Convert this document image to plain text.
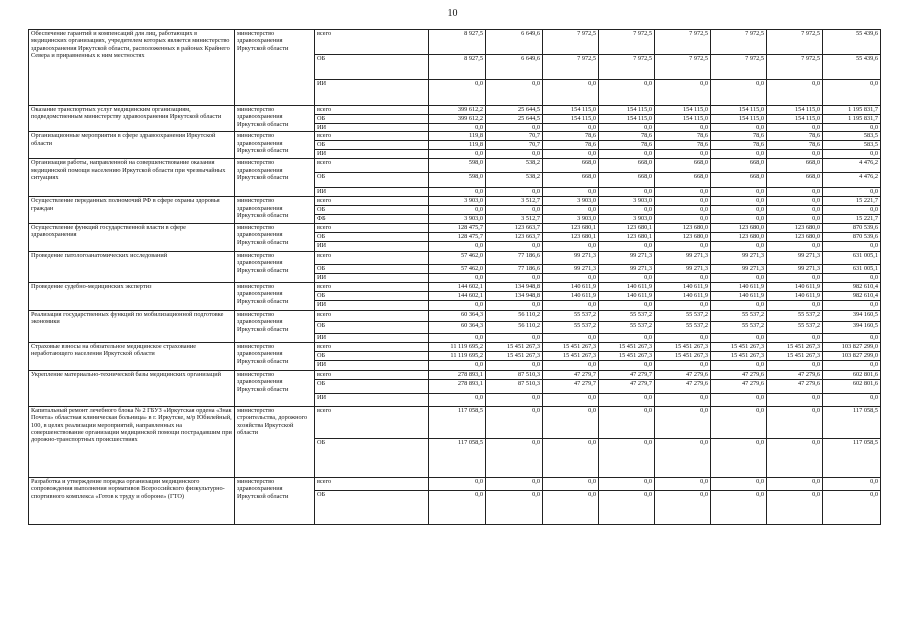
10
Обеспечение гарантий и компенсаций для лиц, работающих в медицинских организациях, учредителем которых является министерство здравоохранения Иркутской области, расположенных в районах Крайнего Севера и приравненных к ним местностях	министерство здравоохранения Иркутской области	всего	8 927,5	6 649,6	7 972,5	7 972,5	7 972,5	7 972,5	7 972,5	55 439,6
		ОБ	8 927,5	6 649,6	7 972,5	7 972,5	7 972,5	7 972,5	7 972,5	55 439,6
		ИИ	0,0	0,0	0,0	0,0	0,0	0,0	0,0	0,0
Оказание транспортных услуг медицинским организациям, подведомственным министерству здравоохранения Иркутской области	министерство здравоохранения Иркутской области	всего	399 612,2	25 644,5	154 115,0	154 115,0	154 115,0	154 115,0	154 115,0	1 195 831,7
		ОБ	399 612,2	25 644,5	154 115,0	154 115,0	154 115,0	154 115,0	154 115,0	1 195 831,7
		ИИ	0,0	0,0	0,0	0,0	0,0	0,0	0,0	0,0
Организационные мероприятия в сфере здравоохранения Иркутской области	министерство здравоохранения Иркутской области	всего	119,8	70,7	78,6	78,6	78,6	78,6	78,6	583,5
		ОБ	119,8	70,7	78,6	78,6	78,6	78,6	78,6	583,5
		ИИ	0,0	0,0	0,0	0,0	0,0	0,0	0,0	0,0
Организация работы, направленной на совершенствование оказания медицинской помощи населению Иркутской области при чрезвычайных ситуациях	министерство здравоохранения Иркутской области	всего	598,0	538,2	668,0	668,0	668,0	668,0	668,0	4 476,2
		ОБ	598,0	538,2	668,0	668,0	668,0	668,0	668,0	4 476,2
		ИИ	0,0	0,0	0,0	0,0	0,0	0,0	0,0	0,0
Осуществление переданных полномочий РФ в сфере охраны здоровья граждан	министерство здравоохранения Иркутской области	всего	3 903,0	3 512,7	3 903,0	3 903,0	0,0	0,0	0,0	15 221,7
		ОБ	0,0	0,0	0,0	0,0	0,0	0,0	0,0	0,0
		ФБ	3 903,0	3 512,7	3 903,0	3 903,0	0,0	0,0	0,0	15 221,7
Осуществление функций государственной власти в сфере здравоохранения	министерство здравоохранения Иркутской области	всего	128 475,7	123 663,7	123 680,1	123 680,1	123 680,0	123 680,0	123 680,0	870 539,6
		ОБ	128 475,7	123 663,7	123 680,1	123 680,1	123 680,0	123 680,0	123 680,0	870 539,6
		ИИ	0,0	0,0	0,0	0,0	0,0	0,0	0,0	0,0
Проведение патологоанатомических исследований	министерство здравоохранения Иркутской области	всего	57 462,0	77 186,6	99 271,3	99 271,3	99 271,3	99 271,3	99 271,3	631 005,1
		ОБ	57 462,0	77 186,6	99 271,3	99 271,3	99 271,3	99 271,3	99 271,3	631 005,1
		ИИ	0,0	0,0	0,0	0,0	0,0	0,0	0,0	0,0
Проведение судебно-медицинских экспертиз	министерство здравоохранения Иркутской области	всего	144 602,1	134 948,8	140 611,9	140 611,9	140 611,9	140 611,9	140 611,9	982 610,4
		ОБ	144 602,1	134 948,8	140 611,9	140 611,9	140 611,9	140 611,9	140 611,9	982 610,4
		ИИ	0,0	0,0	0,0	0,0	0,0	0,0	0,0	0,0
Реализация государственных функций по мобилизационной подготовке экономики	министерство здравоохранения Иркутской области	всего	60 364,3	56 110,2	55 537,2	55 537,2	55 537,2	55 537,2	55 537,2	394 160,5
		ОБ	60 364,3	56 110,2	55 537,2	55 537,2	55 537,2	55 537,2	55 537,2	394 160,5
		ИИ	0,0	0,0	0,0	0,0	0,0	0,0	0,0	0,0
Страховые взносы на обязательное медицинское страхование неработающего населения Иркутской области	министерство здравоохранения Иркутской области	всего	11 119 695,2	15 451 267,3	15 451 267,3	15 451 267,3	15 451 267,3	15 451 267,3	15 451 267,3	103 827 299,0
		ОБ	11 119 695,2	15 451 267,3	15 451 267,3	15 451 267,3	15 451 267,3	15 451 267,3	15 451 267,3	103 827 299,0
		ИИ	0,0	0,0	0,0	0,0	0,0	0,0	0,0	0,0
Укрепление материально-технической базы медицинских организаций	министерство здравоохранения Иркутской области	всего	278 893,1	87 510,3	47 279,7	47 279,7	47 279,6	47 279,6	47 279,6	602 801,6
		ОБ	278 893,1	87 510,3	47 279,7	47 279,7	47 279,6	47 279,6	47 279,6	602 801,6
		ИИ	0,0	0,0	0,0	0,0	0,0	0,0	0,0	0,0
Капитальный ремонт лечебного блока № 2 ГБУЗ «Иркутская ордена «Знак Почета» областная клиническая больница» в г. Иркутске, м/р Юбилейный, 100, в целях реализации мероприятий, направленных на совершенствование организации медицинской помощи пострадавшим при дорожно-транспортных происшествиях	министерство строительства, дорожного хозяйства Иркутской области	всего	117 058,5	0,0	0,0	0,0	0,0	0,0	0,0	117 058,5
		ОБ	117 058,5	0,0	0,0	0,0	0,0	0,0	0,0	117 058,5
Разработка и утверждение порядка организации медицинского сопровождения выполнения нормативов Всероссийского физкультурно-спортивного комплекса «Готов к труду и обороне» (ГТО)	министерство здравоохранения Иркутской области	всего	0,0	0,0	0,0	0,0	0,0	0,0	0,0	0,0
		ОБ	0,0	0,0	0,0	0,0	0,0	0,0	0,0	0,0
